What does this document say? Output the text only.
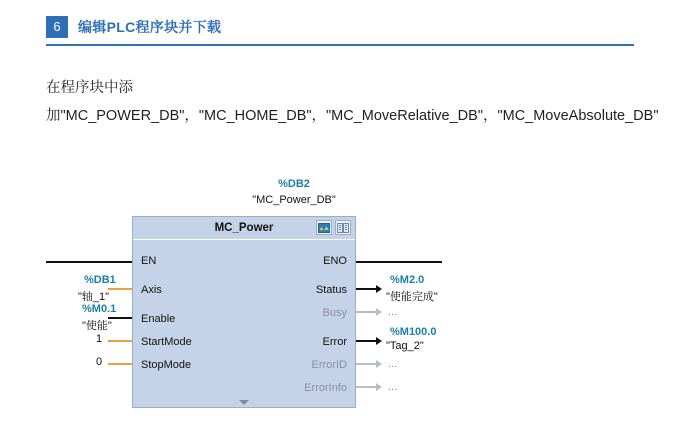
6	编辑PLC程序块并下载
在程序块中添加"MC_POWER_DB"，"MC_HOME_DB"，"MC_MoveRelative_DB"，"MC_MoveAbsolute_DB"
%DB2
"MC_Power_DB"
MC_Power
EN
Axis
Enable
StartMode
StopMode
ENO
Status
Busy
Error
ErrorID
ErrorInfo
%DB1
"轴_1"
%M0.1
"使能"
1
0
%M2.0
"使能完成"
...
%M100.0
"Tag_2"
...
...
